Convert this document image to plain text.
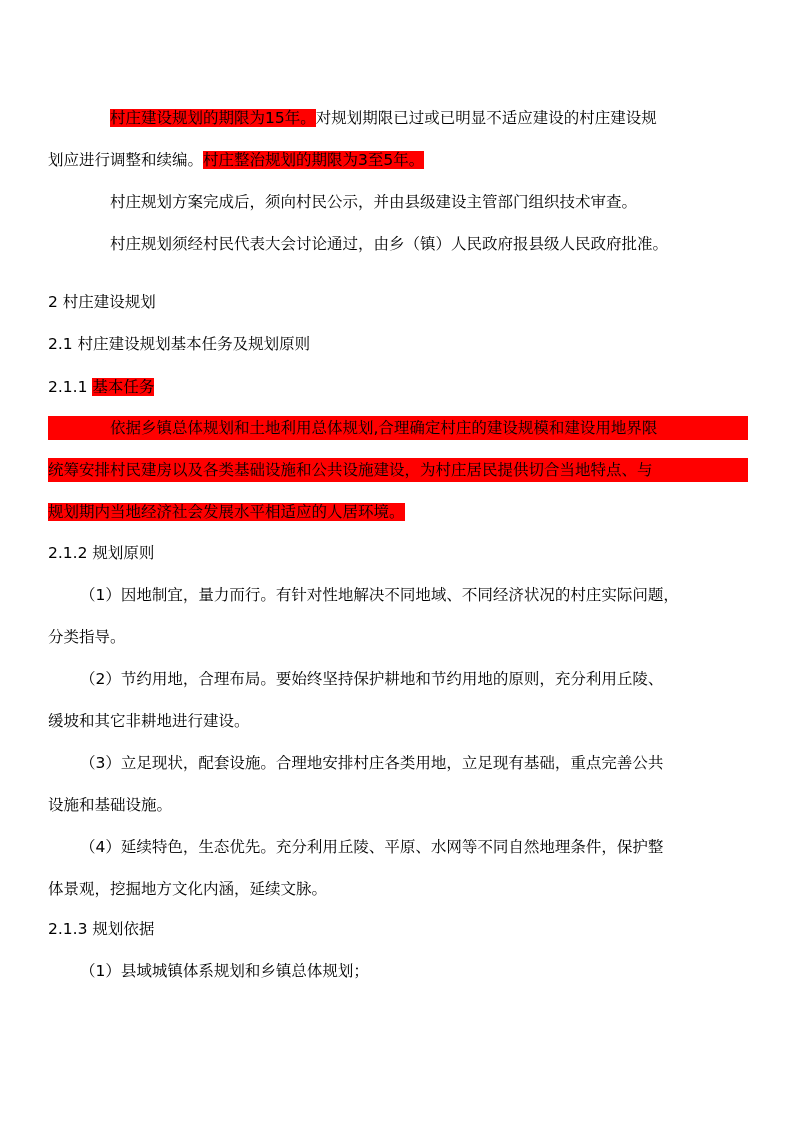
村庄建设规划的期限为15年。对规划期限已过或已明显不适应建设的村庄建设规
划应进行调整和续编。村庄整治规划的期限为3至5年。
村庄规划方案完成后，须向村民公示，并由县级建设主管部门组织技术审查。
村庄规划须经村民代表大会讨论通过，由乡（镇）人民政府报县级人民政府批准。
2 村庄建设规划
2.1 村庄建设规划基本任务及规划原则
2.1.1 基本任务
依据乡镇总体规划和土地利用总体规划,合理确定村庄的建设规模和建设用地界限
统筹安排村民建房以及各类基础设施和公共设施建设，为村庄居民提供切合当地特点、与
规划期内当地经济社会发展水平相适应的人居环境。
2.1.2 规划原则
（1）因地制宜，量力而行。有针对性地解决不同地域、不同经济状况的村庄实际问题，
分类指导。
（2）节约用地，合理布局。要始终坚持保护耕地和节约用地的原则，充分利用丘陵、
缓坡和其它非耕地进行建设。
（3）立足现状，配套设施。合理地安排村庄各类用地，立足现有基础，重点完善公共
设施和基础设施。
（4）延续特色，生态优先。充分利用丘陵、平原、水网等不同自然地理条件，保护整
体景观，挖掘地方文化内涵，延续文脉。
2.1.3 规划依据
（1）县域城镇体系规划和乡镇总体规划；
